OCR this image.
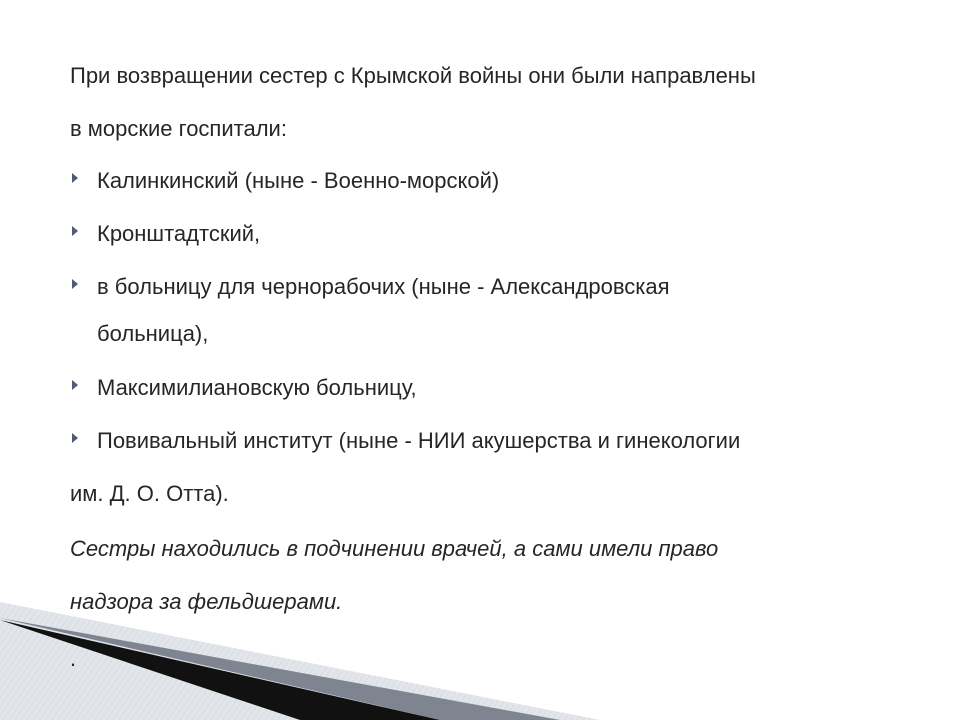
При возвращении сестер с Крымской войны они были направлены
в морские госпитали:
Калинкинский (ныне - Военно-морской)
Кронштадтский,
в больницу для чернорабочих (ныне - Александровская
больница),
Максимилиановскую больницу,
Повивальный институт (ныне - НИИ акушерства и гинекологии
им. Д. О. Отта).
Сестры находились в подчинении врачей, а сами имели право
надзора за фельдшерами.
.
